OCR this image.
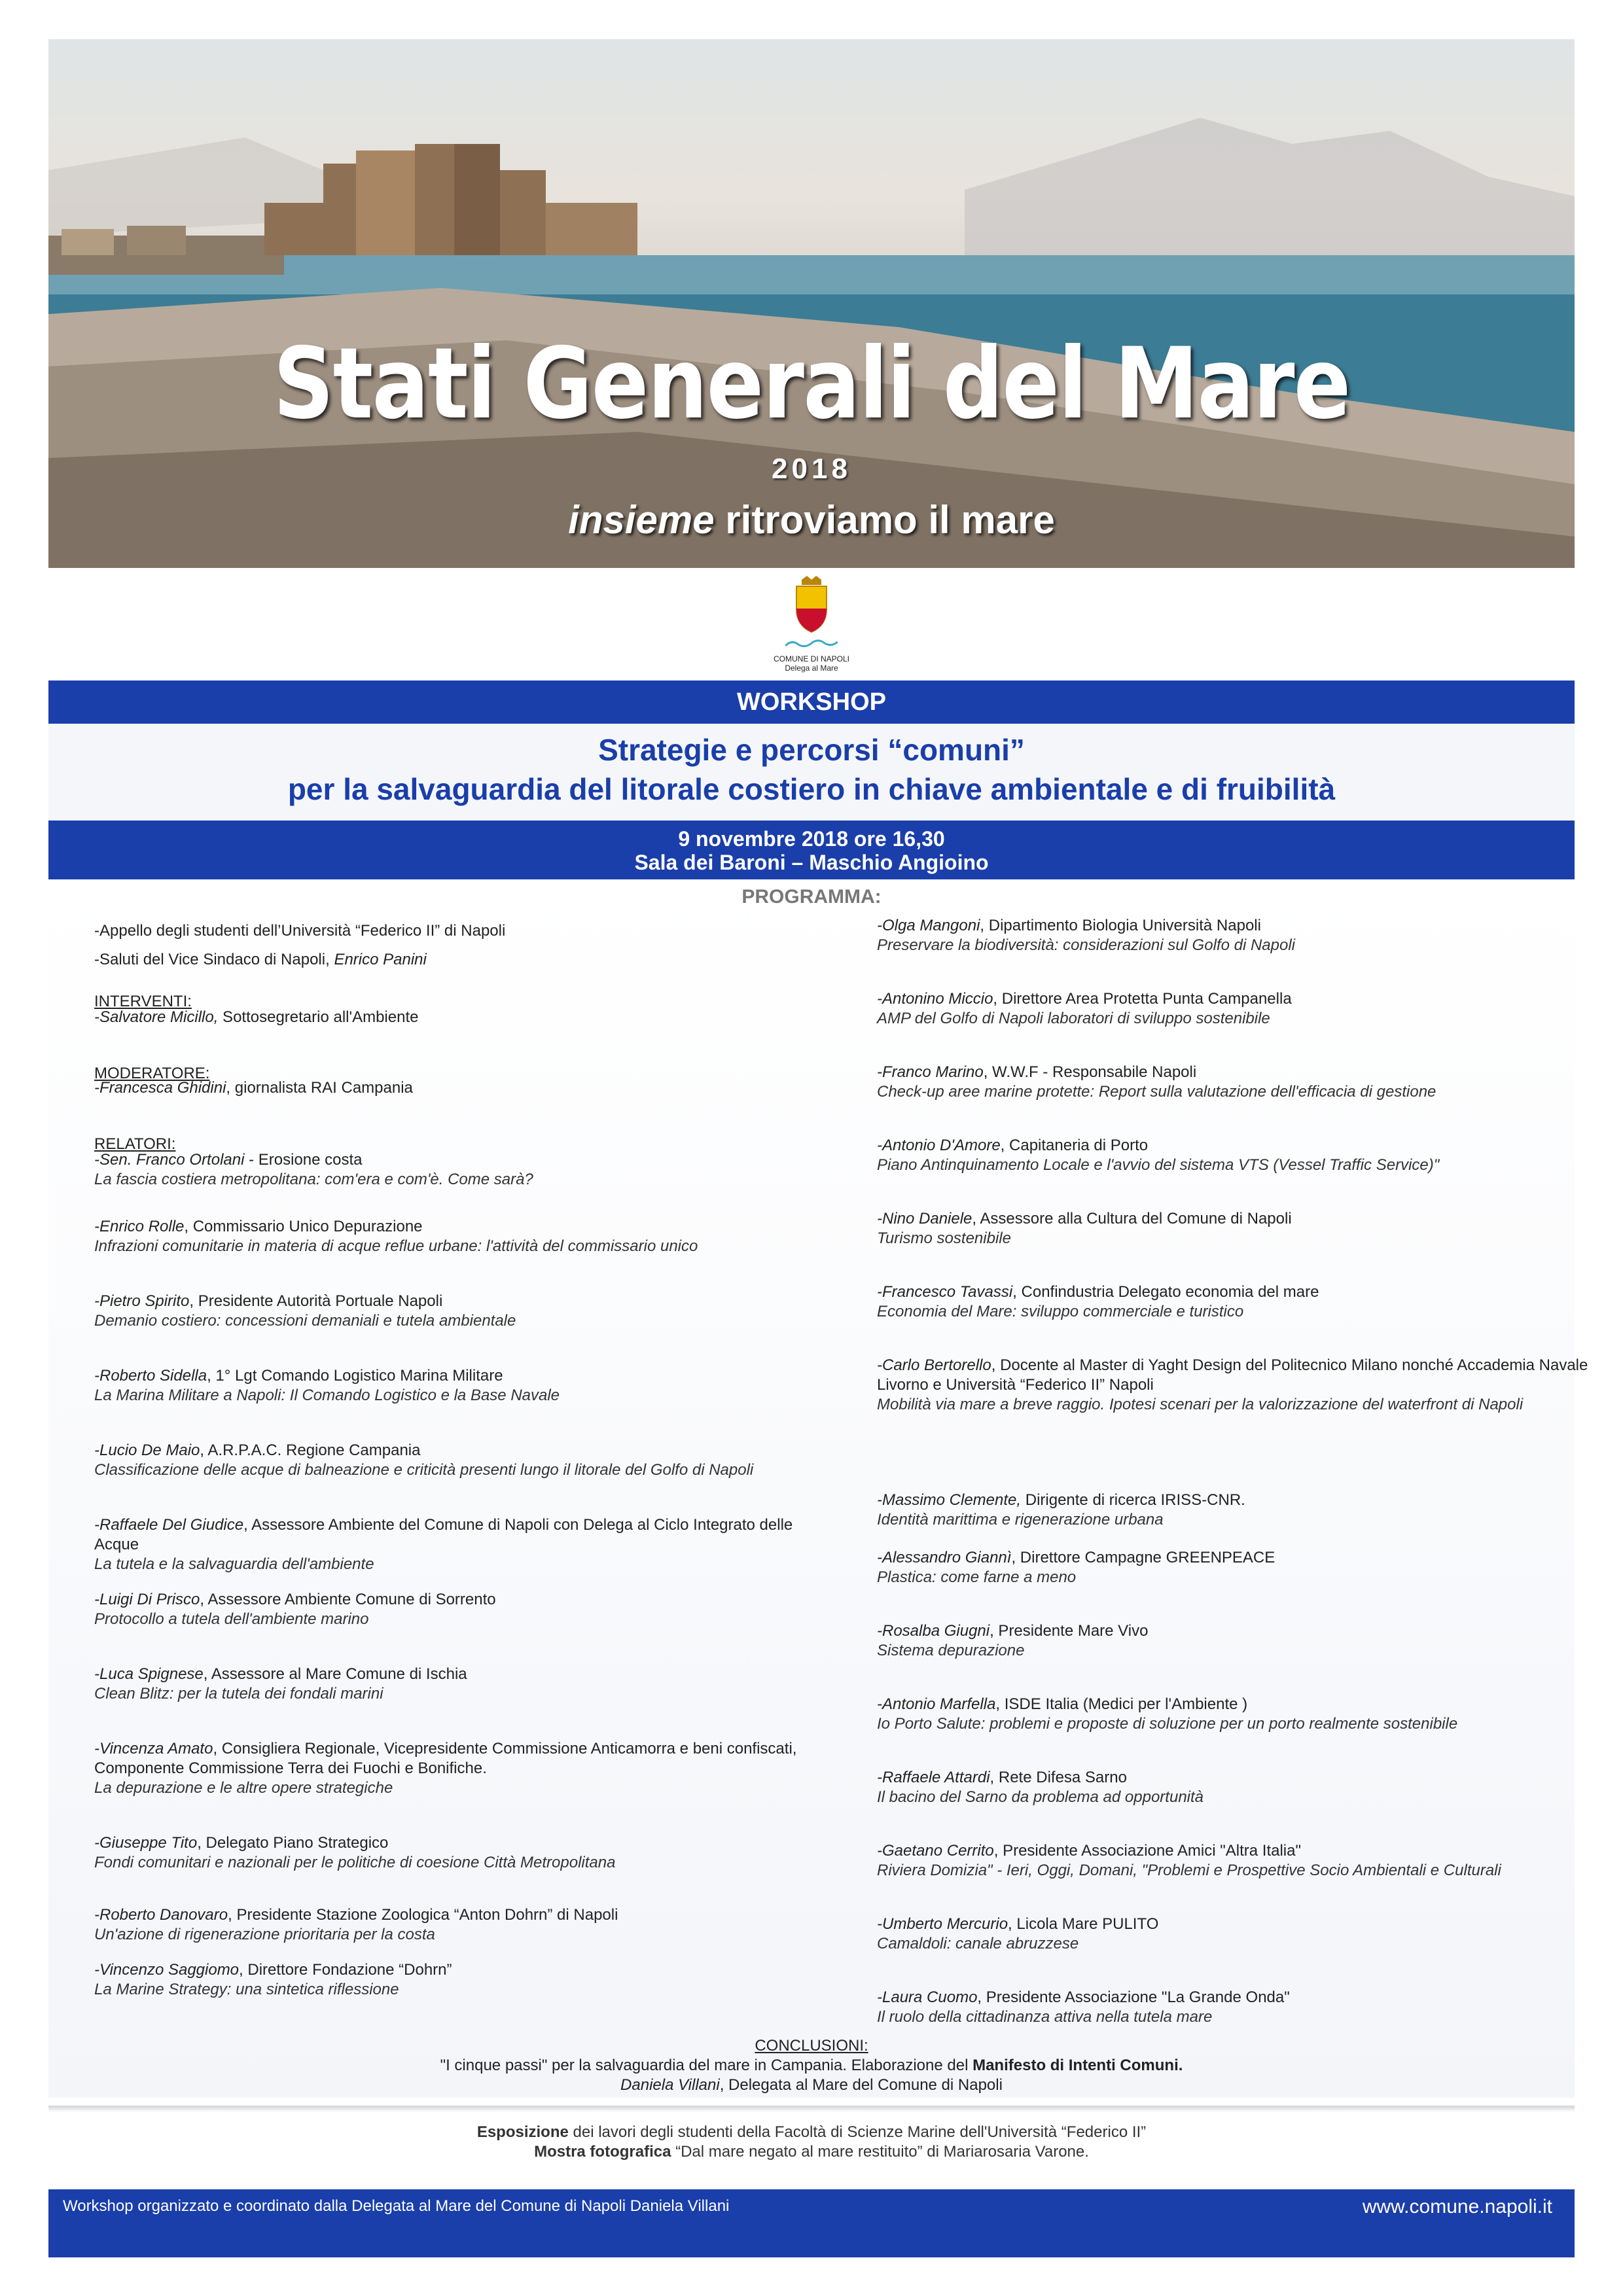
Stati Generali del Mare
2018
insieme ritroviamo il mare

COMUNE DI NAPOLI
Delega al Mare
WORKSHOP
Strategie e percorsi “comuni”
per la salvaguardia del litorale costiero in chiave ambientale e di fruibilità
9 novembre 2018 ore 16,30
Sala dei Baroni – Maschio Angioino
PROGRAMMA:
-Appello degli studenti dell’Università “Federico II” di Napoli
-Saluti del Vice Sindaco di Napoli, Enrico Panini
INTERVENTI:
-Salvatore Micillo, Sottosegretario all'Ambiente
MODERATORE:
-Francesca Ghidini, giornalista RAI Campania
RELATORI:
-Sen. Franco Ortolani - Erosione costa
La fascia costiera metropolitana: com'era e com'è. Come sarà?
-Enrico Rolle, Commissario Unico Depurazione
Infrazioni comunitarie in materia di acque reflue urbane: l'attività del commissario unico
-Pietro Spirito, Presidente Autorità Portuale Napoli
Demanio costiero: concessioni demaniali e tutela ambientale
-Roberto Sidella, 1° Lgt Comando Logistico Marina Militare
La Marina Militare a Napoli: Il Comando Logistico e la Base Navale
-Lucio De Maio, A.R.P.A.C. Regione Campania
Classificazione delle acque di balneazione e criticità presenti lungo il litorale del Golfo di Napoli
-Raffaele Del Giudice, Assessore Ambiente del Comune di Napoli con Delega al Ciclo Integrato delle Acque
La tutela e la salvaguardia dell'ambiente
-Luigi Di Prisco, Assessore Ambiente Comune di Sorrento
Protocollo a tutela dell'ambiente marino
-Luca Spignese, Assessore al Mare Comune di Ischia
Clean Blitz: per la tutela dei fondali marini
-Vincenza Amato, Consigliera Regionale, Vicepresidente Commissione Anticamorra e beni confiscati,
Componente Commissione Terra dei Fuochi e Bonifiche.
La depurazione e le altre opere strategiche
-Giuseppe Tito, Delegato Piano Strategico
Fondi comunitari e nazionali per le politiche di coesione Città Metropolitana
-Roberto Danovaro, Presidente Stazione Zoologica “Anton Dohrn” di Napoli
Un'azione di rigenerazione prioritaria per la costa
-Vincenzo Saggiomo, Direttore Fondazione “Dohrn”
La Marine Strategy: una sintetica riflessione
-Olga Mangoni, Dipartimento Biologia Università Napoli
Preservare la biodiversità: considerazioni sul Golfo di Napoli
-Antonino Miccio, Direttore Area Protetta Punta Campanella
AMP del Golfo di Napoli laboratori di sviluppo sostenibile
-Franco Marino, W.W.F - Responsabile Napoli
Check-up aree marine protette: Report sulla valutazione dell'efficacia di gestione
-Antonio D'Amore, Capitaneria di Porto
Piano Antinquinamento Locale e l'avvio del sistema VTS (Vessel Traffic Service)"
-Nino Daniele, Assessore alla Cultura del Comune di Napoli
Turismo sostenibile
-Francesco Tavassi, Confindustria Delegato economia del mare
Economia del Mare: sviluppo commerciale e turistico
-Carlo Bertorello, Docente al Master di Yaght Design del Politecnico Milano nonché Accademia Navale
Livorno e Università “Federico II” Napoli
Mobilità via mare a breve raggio. Ipotesi scenari per la valorizzazione del waterfront di Napoli
-Massimo Clemente, Dirigente di ricerca IRISS-CNR.
Identità marittima e rigenerazione urbana
-Alessandro Giannì, Direttore Campagne GREENPEACE
Plastica: come farne a meno
-Rosalba Giugni, Presidente Mare Vivo
Sistema depurazione
-Antonio Marfella, ISDE Italia (Medici per l'Ambiente )
Io Porto Salute: problemi e proposte di soluzione per un porto realmente sostenibile
-Raffaele Attardi, Rete Difesa Sarno
Il bacino del Sarno da problema ad opportunità
-Gaetano Cerrito, Presidente Associazione Amici "Altra Italia"
Riviera Domizia" - Ieri, Oggi, Domani, "Problemi e Prospettive Socio Ambientali e Culturali
-Umberto Mercurio, Licola Mare PULITO
Camaldoli: canale abruzzese
-Laura Cuomo, Presidente Associazione "La Grande Onda"
Il ruolo della cittadinanza attiva nella tutela mare
CONCLUSIONI:
"I cinque passi" per la salvaguardia del mare in Campania. Elaborazione del Manifesto di Intenti Comuni.
Daniela Villani, Delegata al Mare del Comune di Napoli
Esposizione dei lavori degli studenti della Facoltà di Scienze Marine dell'Università “Federico II”
Mostra fotografica “Dal mare negato al mare restituito” di Mariarosaria Varone.
Workshop organizzato e coordinato dalla Delegata al Mare del Comune di Napoli Daniela Villani	www.comune.napoli.it
